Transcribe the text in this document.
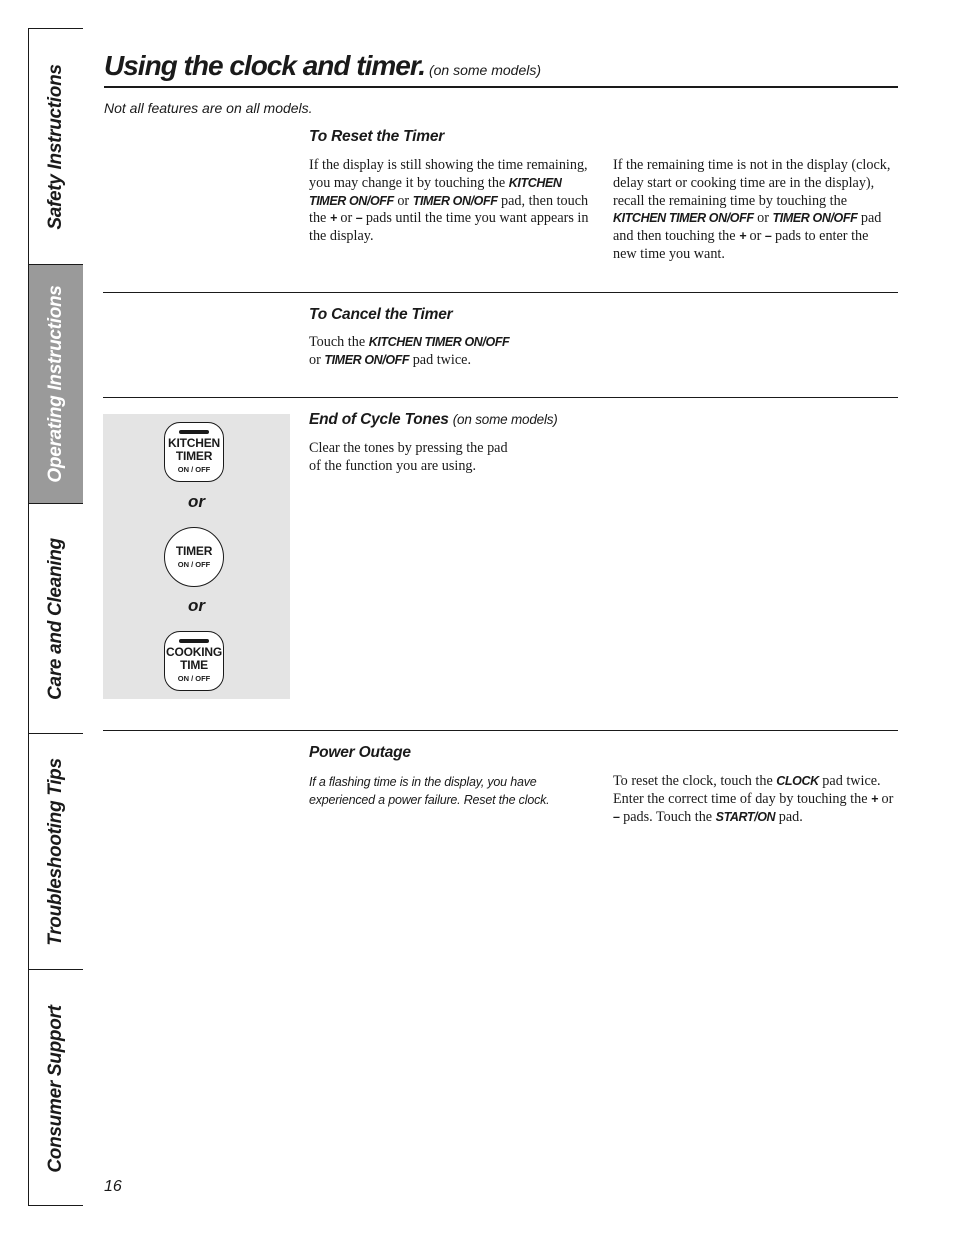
Safety Instructions
Operating Instructions
Care and Cleaning
Troubleshooting Tips
Consumer Support
Using the clock and timer. (on some models)
Not all features are on all models.
To Reset the Timer
If the display is still showing the time remaining, you may change it by touching the KITCHEN TIMER ON/OFF or TIMER ON/OFF pad, then touch the + or – pads until the time you want appears in the display.
If the remaining time is not in the display (clock, delay start or cooking time are in the display), recall the remaining time by touching the KITCHEN TIMER ON/OFF or TIMER ON/OFF pad and then touching the + or – pads to enter the new time you want.
To Cancel the Timer
Touch the KITCHEN TIMER ON/OFF
or TIMER ON/OFF pad twice.
End of Cycle Tones (on some models)
Clear the tones by pressing the pad
of the function you are using.
KITCHEN
TIMER
ON / OFF
or
TIMER
ON / OFF
or
COOKING
TIME
ON / OFF
Power Outage
If a flashing time is in the display, you have experienced a power failure. Reset the clock.
To reset the clock, touch the CLOCK pad twice. Enter the correct time of day by touching the + or – pads. Touch the START/ON pad.
16
